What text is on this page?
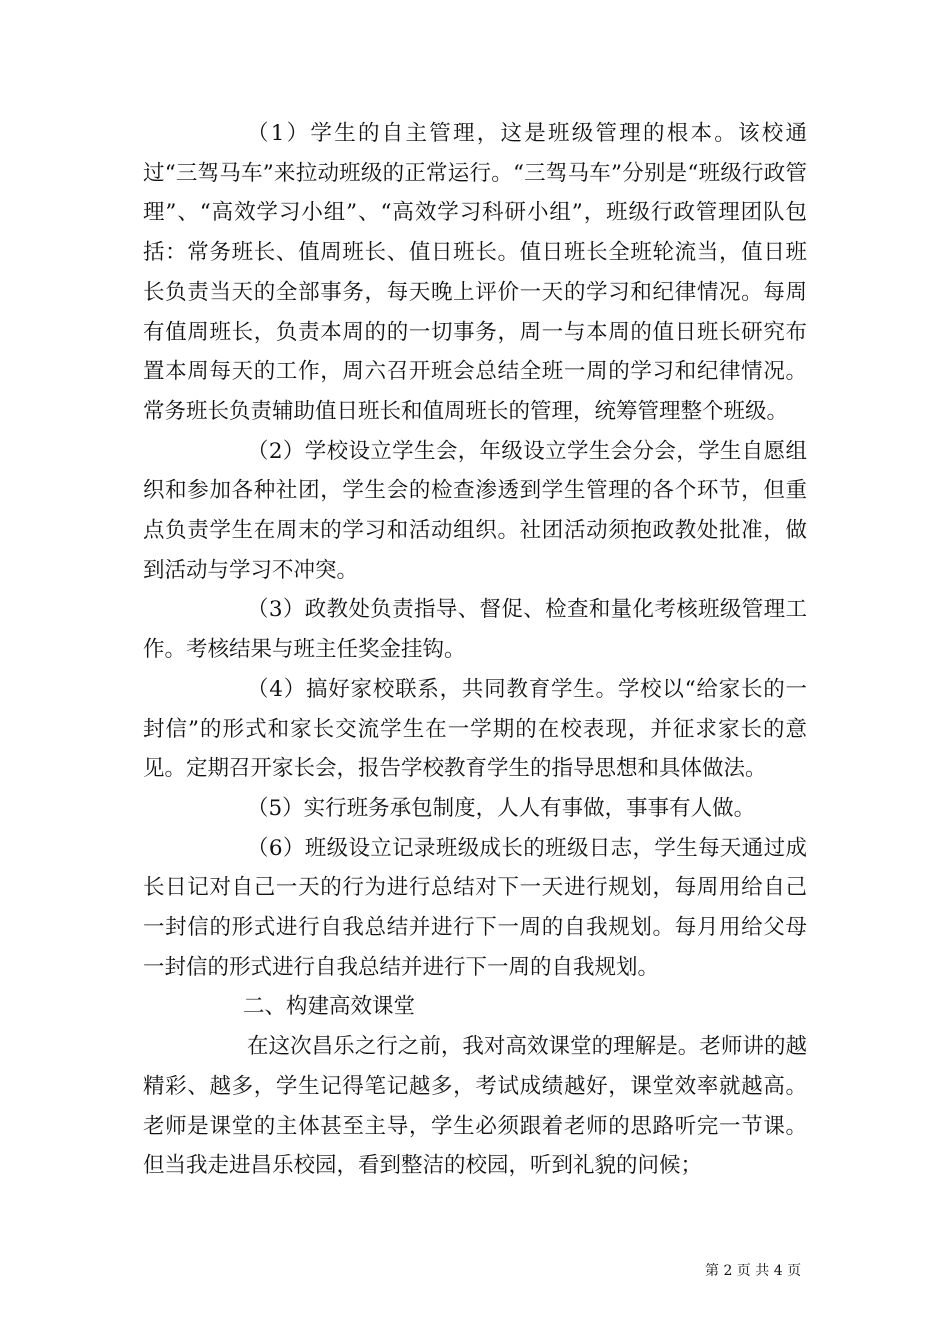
（1）学生的自主管理，这是班级管理的根本。该校通过“三驾马车”来拉动班级的正常运行。“三驾马车”分别是“班级行政管理”、“高效学习小组”、“高效学习科研小组”，班级行政管理团队包括：常务班长、值周班长、值日班长。值日班长全班轮流当，值日班长负责当天的全部事务，每天晚上评价一天的学习和纪律情况。每周有值周班长，负责本周的的一切事务，周一与本周的值日班长研究布置本周每天的工作，周六召开班会总结全班一周的学习和纪律情况。常务班长负责辅助值日班长和值周班长的管理，统筹管理整个班级。

（2）学校设立学生会，年级设立学生会分会，学生自愿组织和参加各种社团，学生会的检查渗透到学生管理的各个环节，但重点负责学生在周末的学习和活动组织。社团活动须抱政教处批准，做到活动与学习不冲突。

（3）政教处负责指导、督促、检查和量化考核班级管理工作。考核结果与班主任奖金挂钩。

（4）搞好家校联系，共同教育学生。学校以“给家长的一封信”的形式和家长交流学生在一学期的在校表现，并征求家长的意见。定期召开家长会，报告学校教育学生的指导思想和具体做法。

（5）实行班务承包制度，人人有事做，事事有人做。

（6）班级设立记录班级成长的班级日志，学生每天通过成长日记对自己一天的行为进行总结对下一天进行规划，每周用给自己一封信的形式进行自我总结并进行下一周的自我规划。每月用给父母一封信的形式进行自我总结并进行下一周的自我规划。

二、构建高效课堂

在这次昌乐之行之前，我对高效课堂的理解是。老师讲的越精彩、越多，学生记得笔记越多，考试成绩越好，课堂效率就越高。老师是课堂的主体甚至主导，学生必须跟着老师的思路听完一节课。但当我走进昌乐校园，看到整洁的校园，听到礼貌的问候；

第 2 页 共 4 页
